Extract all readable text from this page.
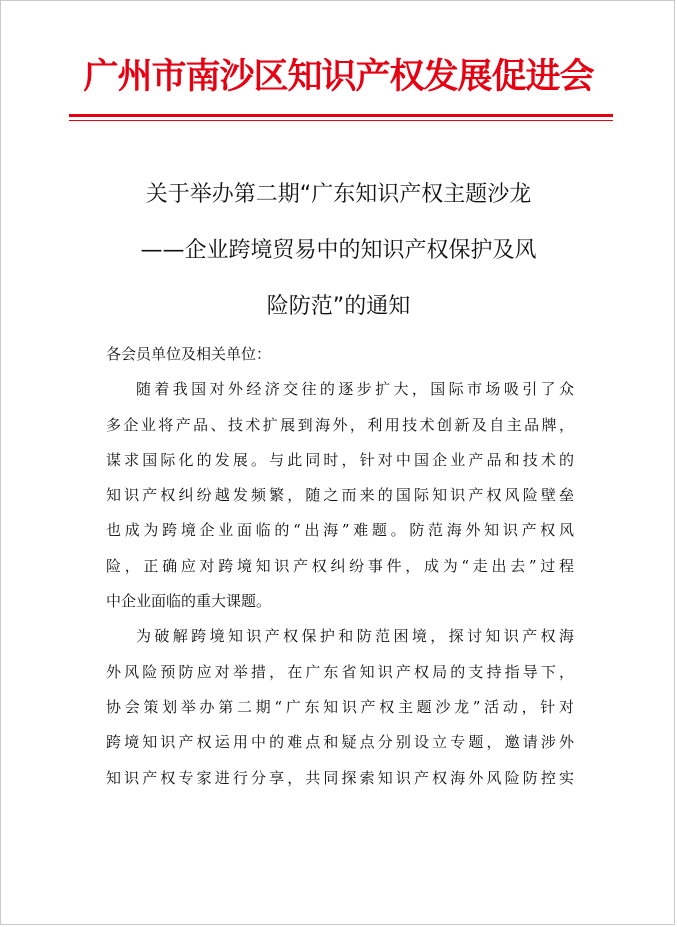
广州市南沙区知识产权发展促进会
关于举办第二期“广东知识产权主题沙龙
——企业跨境贸易中的知识产权保护及风
险防范”的通知
各会员单位及相关单位：
随着我国对外经济交往的逐步扩大，国际市场吸引了众
多企业将产品、技术扩展到海外，利用技术创新及自主品牌，
谋求国际化的发展。与此同时，针对中国企业产品和技术的
知识产权纠纷越发频繁，随之而来的国际知识产权风险壁垒
也成为跨境企业面临的“出海”难题。防范海外知识产权风
险，正确应对跨境知识产权纠纷事件，成为“走出去”过程
中企业面临的重大课题。
为破解跨境知识产权保护和防范困境，探讨知识产权海
外风险预防应对举措，在广东省知识产权局的支持指导下，
协会策划举办第二期“广东知识产权主题沙龙”活动，针对
跨境知识产权运用中的难点和疑点分别设立专题，邀请涉外
知识产权专家进行分享，共同探索知识产权海外风险防控实
